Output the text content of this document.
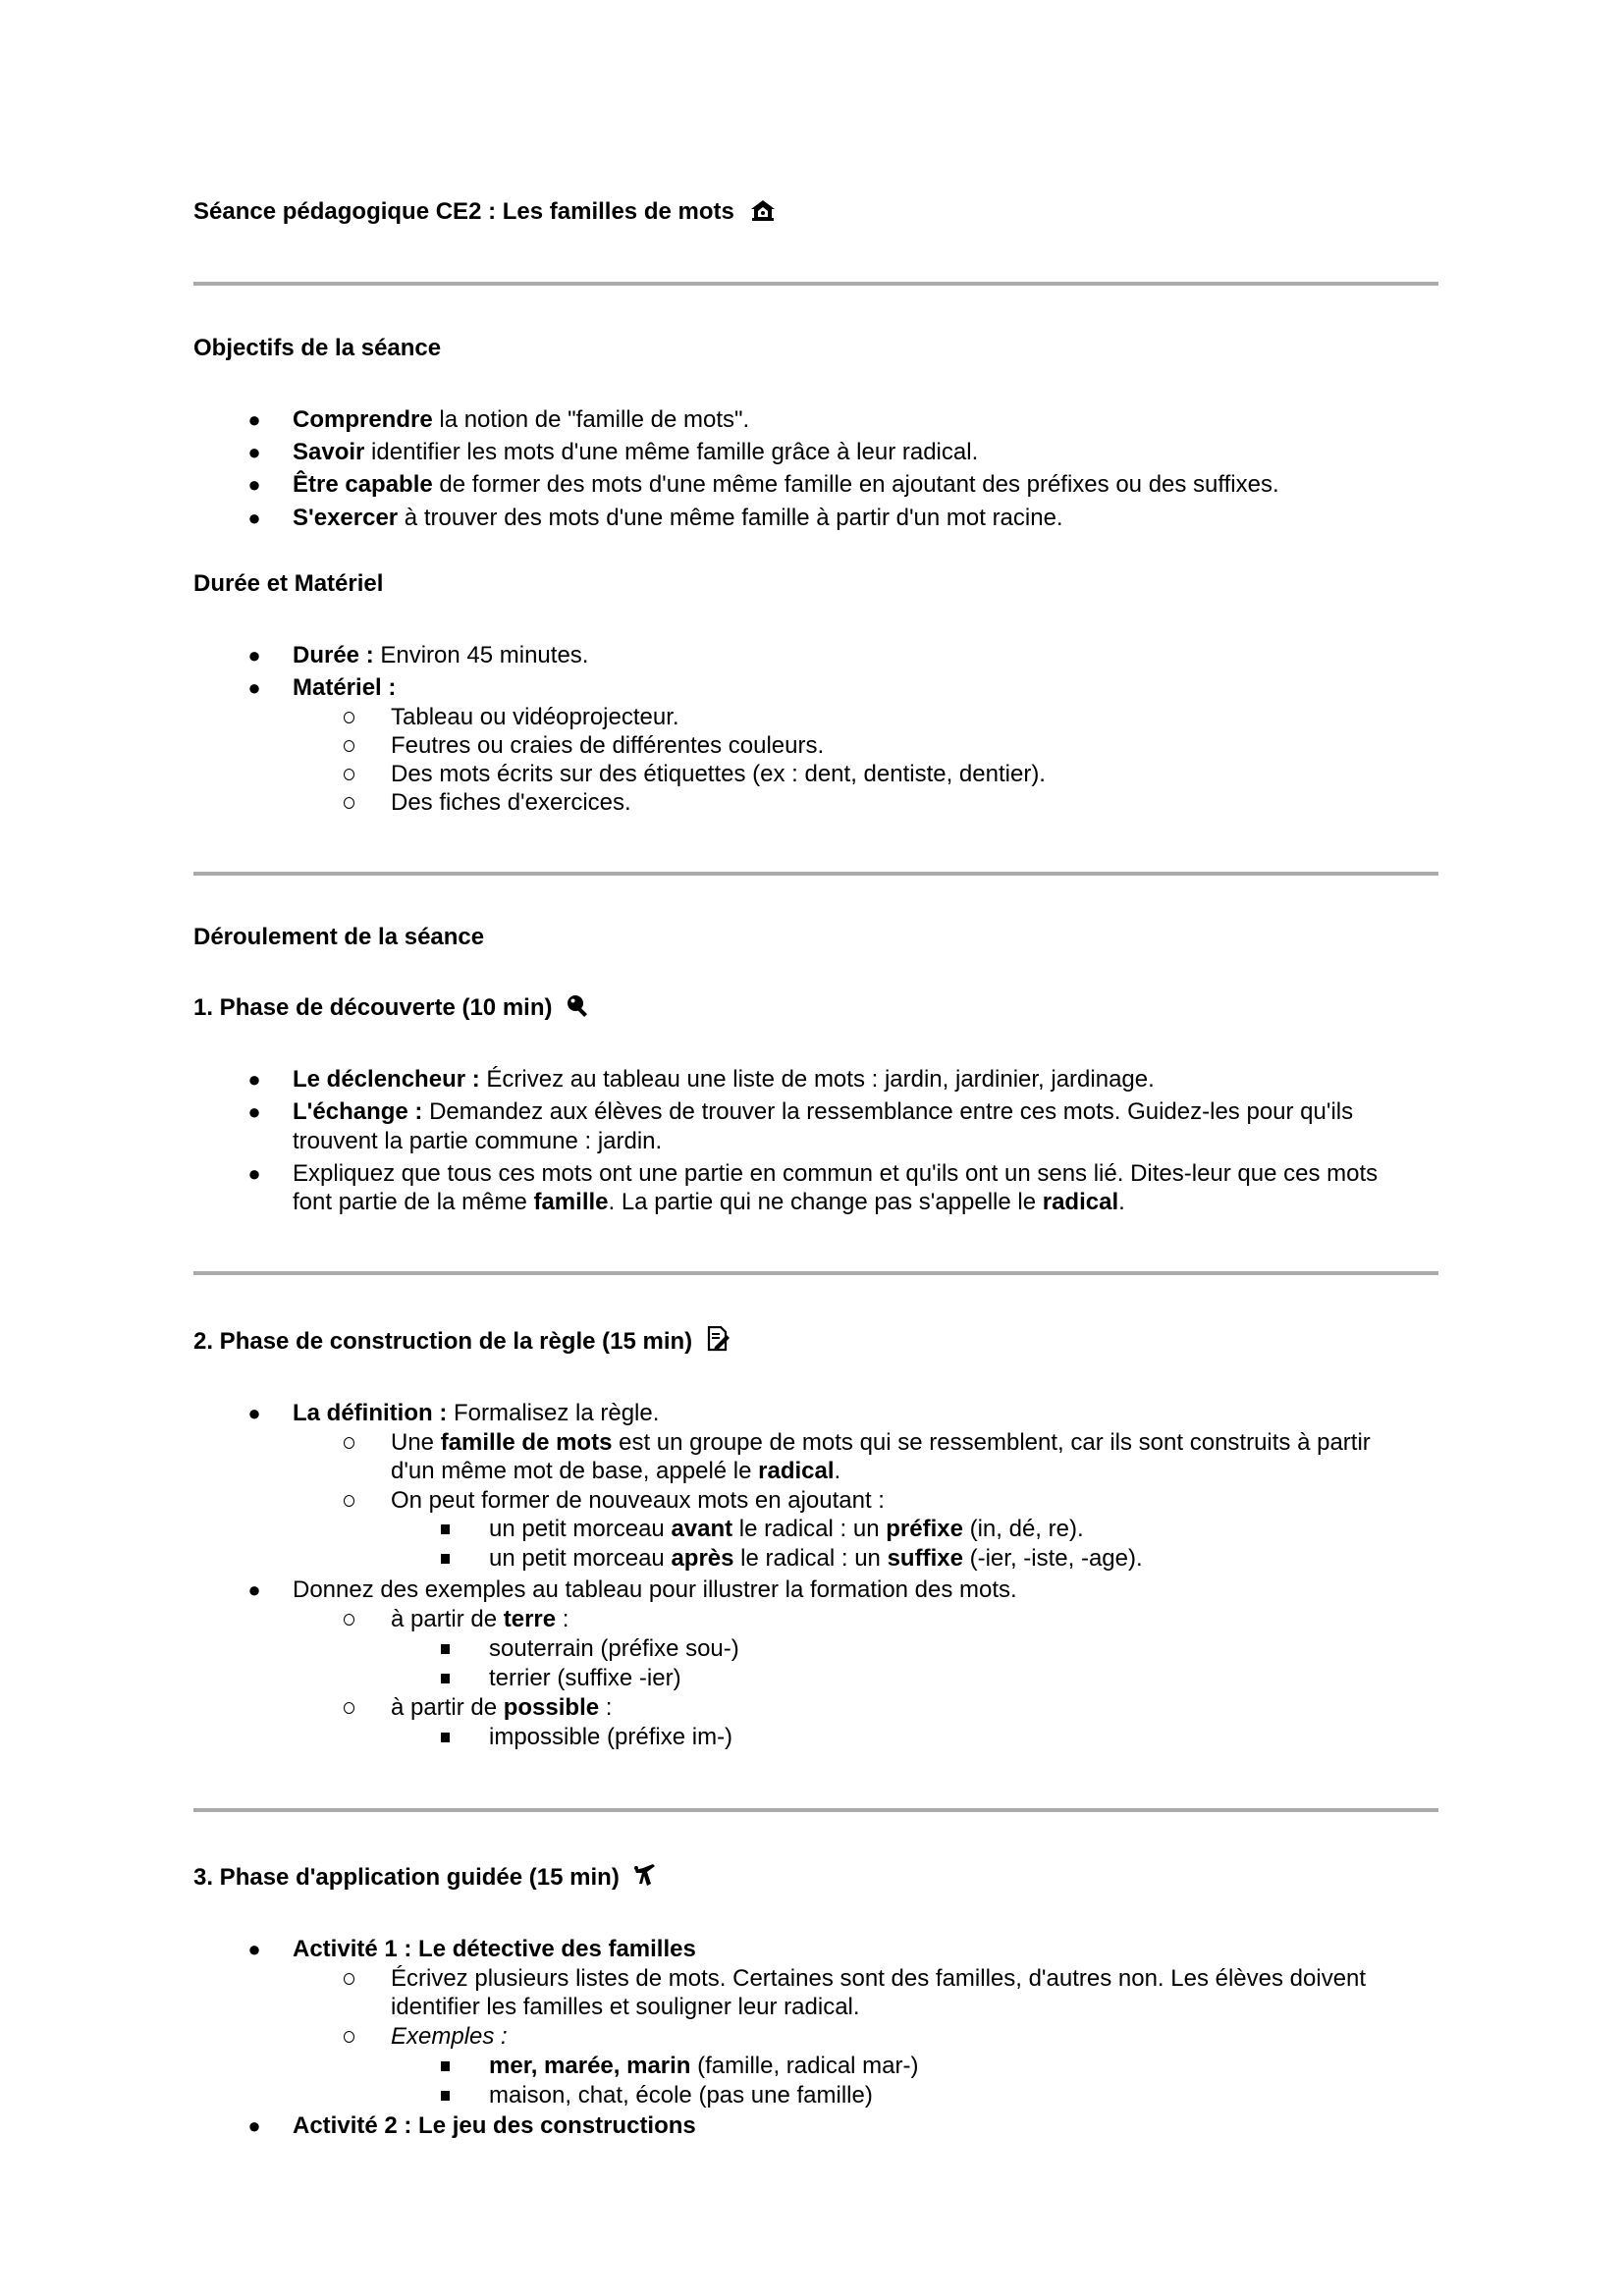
Séance pédagogique CE2 : Les familles de mots
Objectifs de la séance
● Comprendre la notion de "famille de mots".
● Savoir identifier les mots d'une même famille grâce à leur radical.
● Être capable de former des mots d'une même famille en ajoutant des préfixes ou des suffixes.
● S'exercer à trouver des mots d'une même famille à partir d'un mot racine.
Durée et Matériel
● Durée : Environ 45 minutes.
● Matériel :
Tableau ou vidéoprojecteur.
Feutres ou craies de différentes couleurs.
Des mots écrits sur des étiquettes (ex : dent, dentiste, dentier).
Des fiches d'exercices.
Déroulement de la séance
1. Phase de découverte (10 min)
● Le déclencheur : Écrivez au tableau une liste de mots : jardin, jardinier, jardinage.
● L'échange : Demandez aux élèves de trouver la ressemblance entre ces mots. Guidez-les pour qu'ils
trouvent la partie commune : jardin.
● Expliquez que tous ces mots ont une partie en commun et qu'ils ont un sens lié. Dites-leur que ces mots
font partie de la même famille. La partie qui ne change pas s'appelle le radical.
2. Phase de construction de la règle (15 min)
● La définition : Formalisez la règle.
Une famille de mots est un groupe de mots qui se ressemblent, car ils sont construits à partir
d'un même mot de base, appelé le radical.
On peut former de nouveaux mots en ajoutant :
un petit morceau avant le radical : un préfixe (in, dé, re).
un petit morceau après le radical : un suffixe (-ier, -iste, -age).
● Donnez des exemples au tableau pour illustrer la formation des mots.
à partir de terre :
souterrain (préfixe sou-)
terrier (suffixe -ier)
à partir de possible :
impossible (préfixe im-)
3. Phase d'application guidée (15 min)
● Activité 1 : Le détective des familles
Écrivez plusieurs listes de mots. Certaines sont des familles, d'autres non. Les élèves doivent
identifier les familles et souligner leur radical.
Exemples :
mer, marée, marin (famille, radical mar-)
maison, chat, école (pas une famille)
● Activité 2 : Le jeu des constructions
